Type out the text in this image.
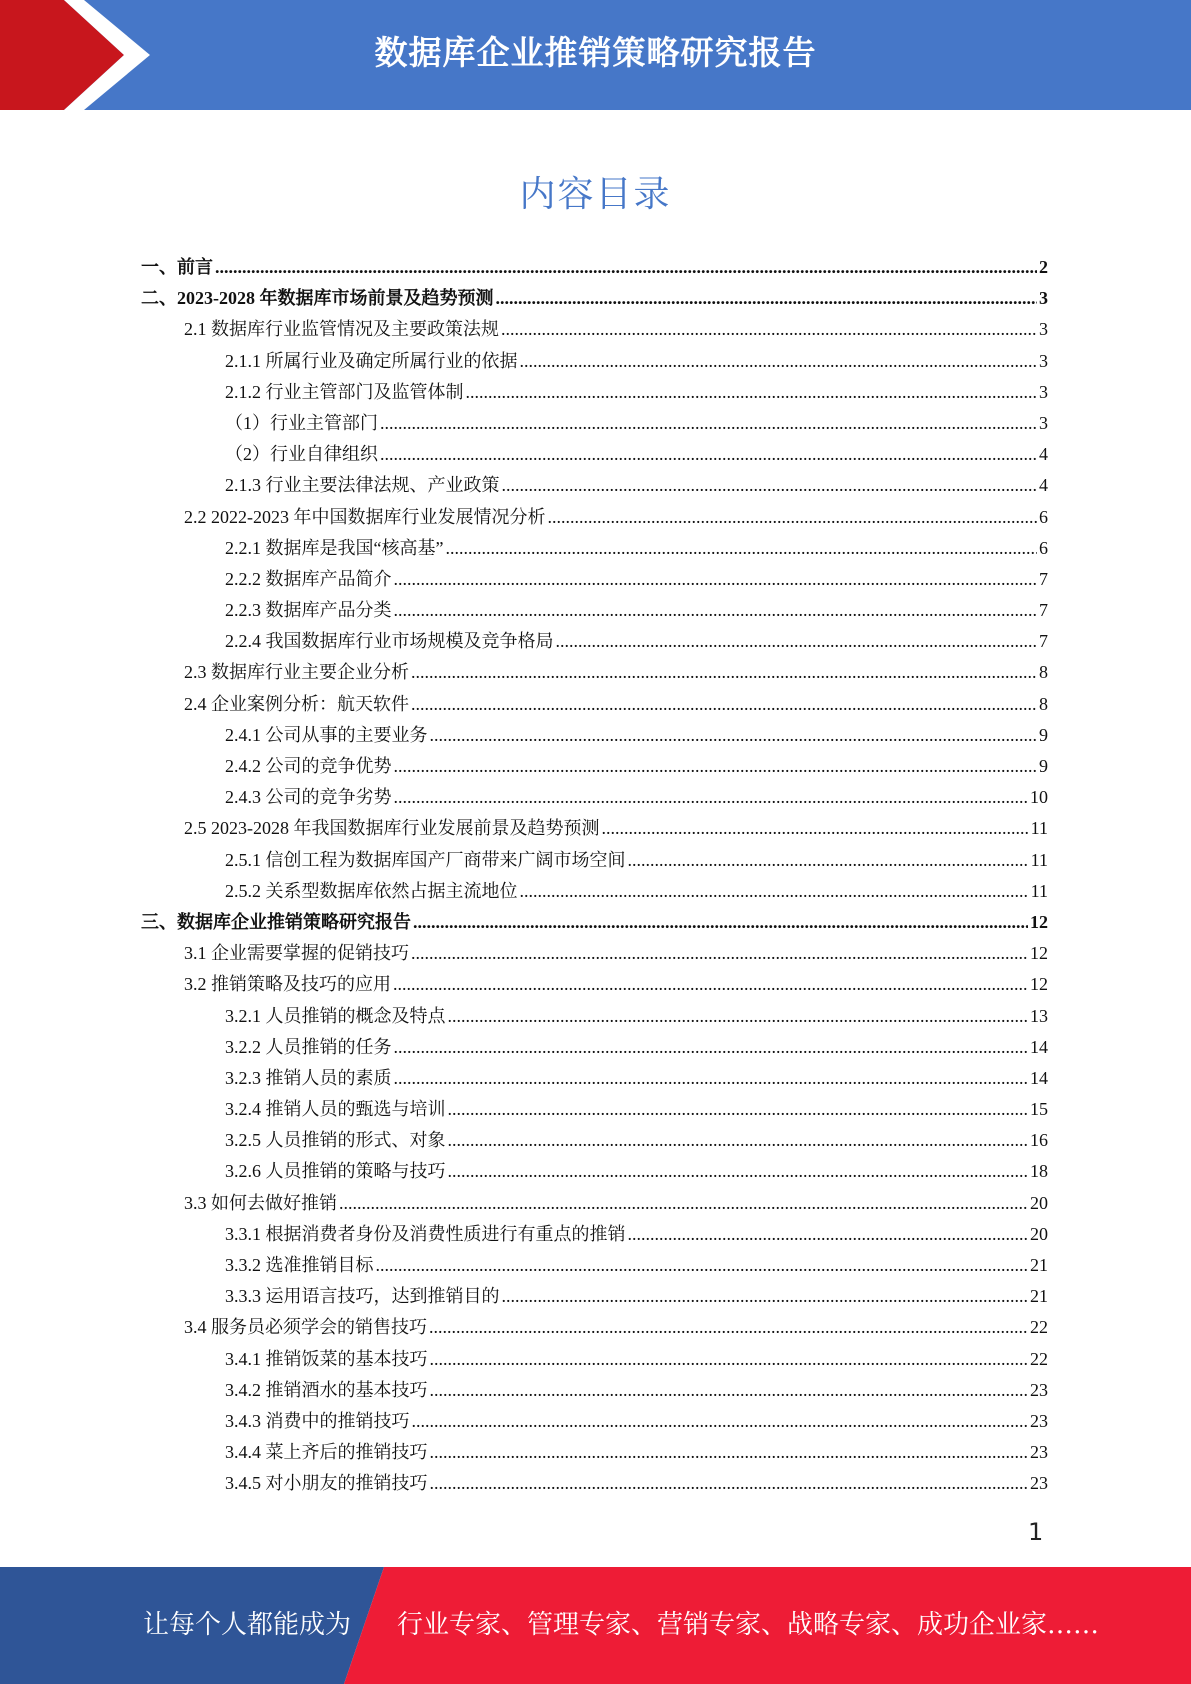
数据库企业推销策略研究报告
内容目录
一、前言 .....	2
二、2023-2028 年数据库市场前景及趋势预测 .....	3
2.1 数据库行业监管情况及主要政策法规 .....	3
2.1.1 所属行业及确定所属行业的依据 .....	3
2.1.2 行业主管部门及监管体制 .....	3
（1）行业主管部门 .....	3
（2）行业自律组织 .....	4
2.1.3 行业主要法律法规、产业政策 .....	4
2.2 2022-2023 年中国数据库行业发展情况分析 .....	6
2.2.1 数据库是我国“核高基” .....	6
2.2.2 数据库产品简介 .....	7
2.2.3 数据库产品分类 .....	7
2.2.4 我国数据库行业市场规模及竞争格局 .....	7
2.3 数据库行业主要企业分析 .....	8
2.4 企业案例分析：航天软件 .....	8
2.4.1 公司从事的主要业务 .....	9
2.4.2 公司的竞争优势 .....	9
2.4.3 公司的竞争劣势 .....	10
2.5 2023-2028 年我国数据库行业发展前景及趋势预测 .....	11
2.5.1 信创工程为数据库国产厂商带来广阔市场空间 .....	11
2.5.2 关系型数据库依然占据主流地位 .....	11
三、数据库企业推销策略研究报告 .....	12
3.1 企业需要掌握的促销技巧 .....	12
3.2 推销策略及技巧的应用 .....	12
3.2.1 人员推销的概念及特点 .....	13
3.2.2 人员推销的任务 .....	14
3.2.3 推销人员的素质 .....	14
3.2.4 推销人员的甄选与培训 .....	15
3.2.5 人员推销的形式、对象 .....	16
3.2.6 人员推销的策略与技巧 .....	18
3.3 如何去做好推销 .....	20
3.3.1 根据消费者身份及消费性质进行有重点的推销 .....	20
3.3.2 选准推销目标 .....	21
3.3.3 运用语言技巧，达到推销目的 .....	21
3.4 服务员必须学会的销售技巧 .....	22
3.4.1 推销饭菜的基本技巧 .....	22
3.4.2 推销酒水的基本技巧 .....	23
3.4.3 消费中的推销技巧 .....	23
3.4.4 菜上齐后的推销技巧 .....	23
3.4.5 对小朋友的推销技巧 .....	23
1
让每个人都能成为 行业专家、管理专家、营销专家、战略专家、成功企业家……
